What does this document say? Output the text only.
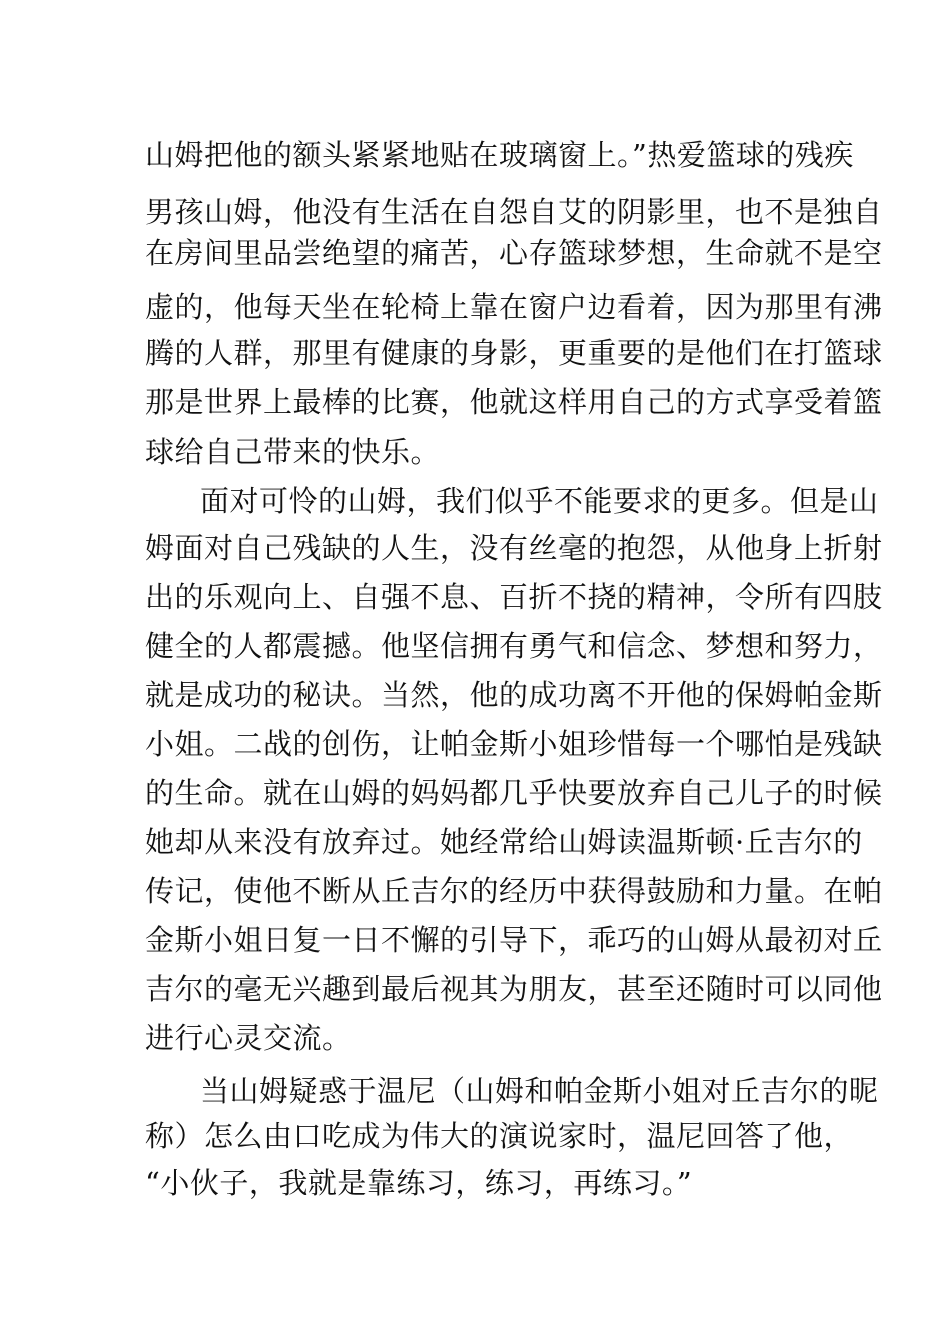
山姆把他的额头紧紧地贴在玻璃窗上。”热爱篮球的残疾
男孩山姆，他没有生活在自怨自艾的阴影里，也不是独自
在房间里品尝绝望的痛苦，心存篮球梦想，生命就不是空
虚的，他每天坐在轮椅上靠在窗户边看着，因为那里有沸
腾的人群，那里有健康的身影，更重要的是他们在打篮球
那是世界上最棒的比赛，他就这样用自己的方式享受着篮
球给自己带来的快乐。
面对可怜的山姆，我们似乎不能要求的更多。但是山
姆面对自己残缺的人生，没有丝毫的抱怨，从他身上折射
出的乐观向上、自强不息、百折不挠的精神，令所有四肢
健全的人都震撼。他坚信拥有勇气和信念、梦想和努力，
就是成功的秘诀。当然，他的成功离不开他的保姆帕金斯
小姐。二战的创伤，让帕金斯小姐珍惜每一个哪怕是残缺
的生命。就在山姆的妈妈都几乎快要放弃自己儿子的时候
她却从来没有放弃过。她经常给山姆读温斯顿·丘吉尔的
传记，使他不断从丘吉尔的经历中获得鼓励和力量。在帕
金斯小姐日复一日不懈的引导下，乖巧的山姆从最初对丘
吉尔的毫无兴趣到最后视其为朋友，甚至还随时可以同他
进行心灵交流。
当山姆疑惑于温尼（山姆和帕金斯小姐对丘吉尔的昵
称）怎么由口吃成为伟大的演说家时，温尼回答了他，
“小伙子，我就是靠练习，练习，再练习。”
